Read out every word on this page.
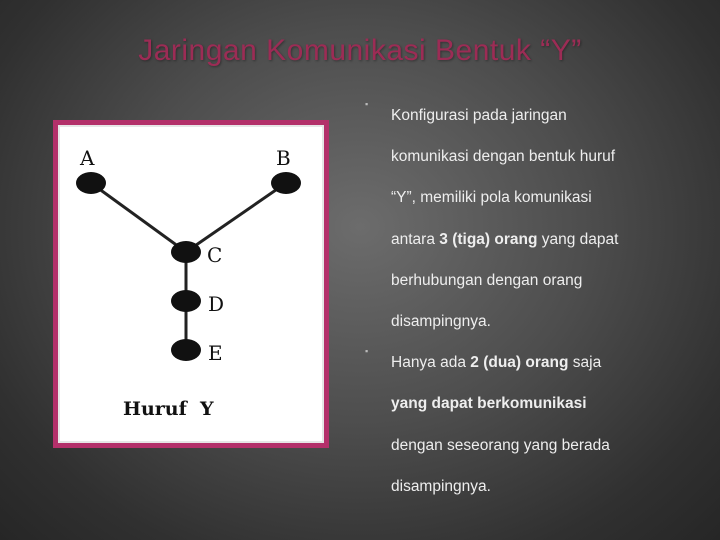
Jaringan Komunikasi Bentuk “Y”
A	B
C
D
E
Huruf  Y
▪
Konfigurasi pada jaringan
komunikasi dengan bentuk huruf
“Y”, memiliki pola komunikasi
antara 3 (tiga) orang yang dapat
berhubungan dengan orang
disampingnya.
▪
Hanya ada 2 (dua) orang saja
yang dapat berkomunikasi
dengan seseorang yang berada
disampingnya.
